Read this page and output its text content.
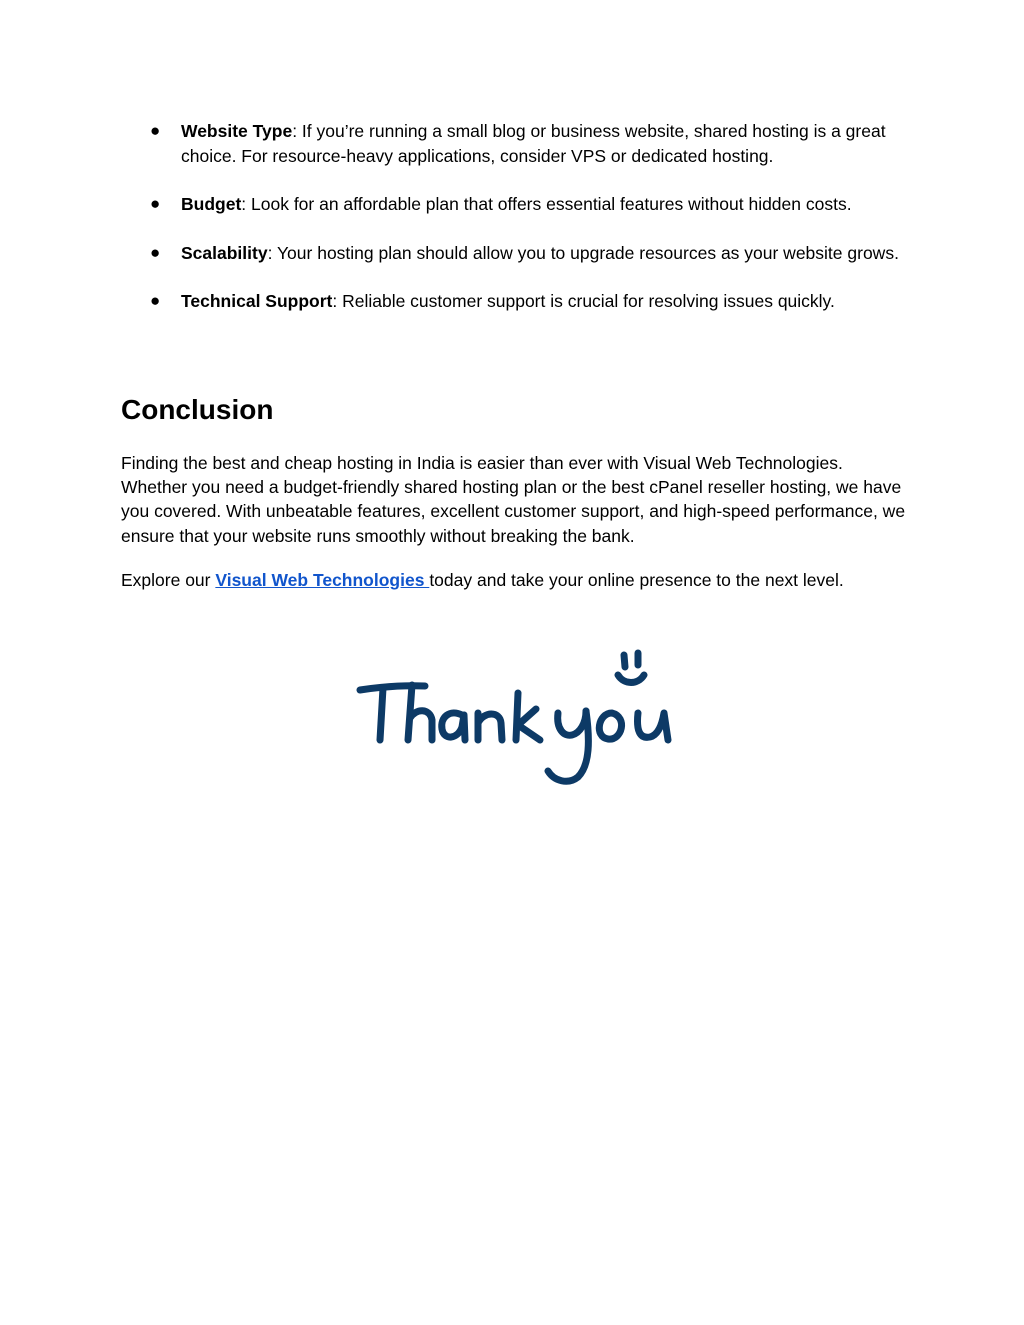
● Website Type: If you’re running a small blog or business website, shared hosting is a great choice. For resource-heavy applications, consider VPS or dedicated hosting.
● Budget: Look for an affordable plan that offers essential features without hidden costs.
● Scalability: Your hosting plan should allow you to upgrade resources as your website grows.
● Technical Support: Reliable customer support is crucial for resolving issues quickly.
Conclusion

Finding the best and cheap hosting in India is easier than ever with Visual Web Technologies. Whether you need a budget-friendly shared hosting plan or the best cPanel reseller hosting, we have you covered. With unbeatable features, excellent customer support, and high-speed performance, we ensure that your website runs smoothly without breaking the bank.

Explore our Visual Web Technologies today and take your online presence to the next level.

Thank you
